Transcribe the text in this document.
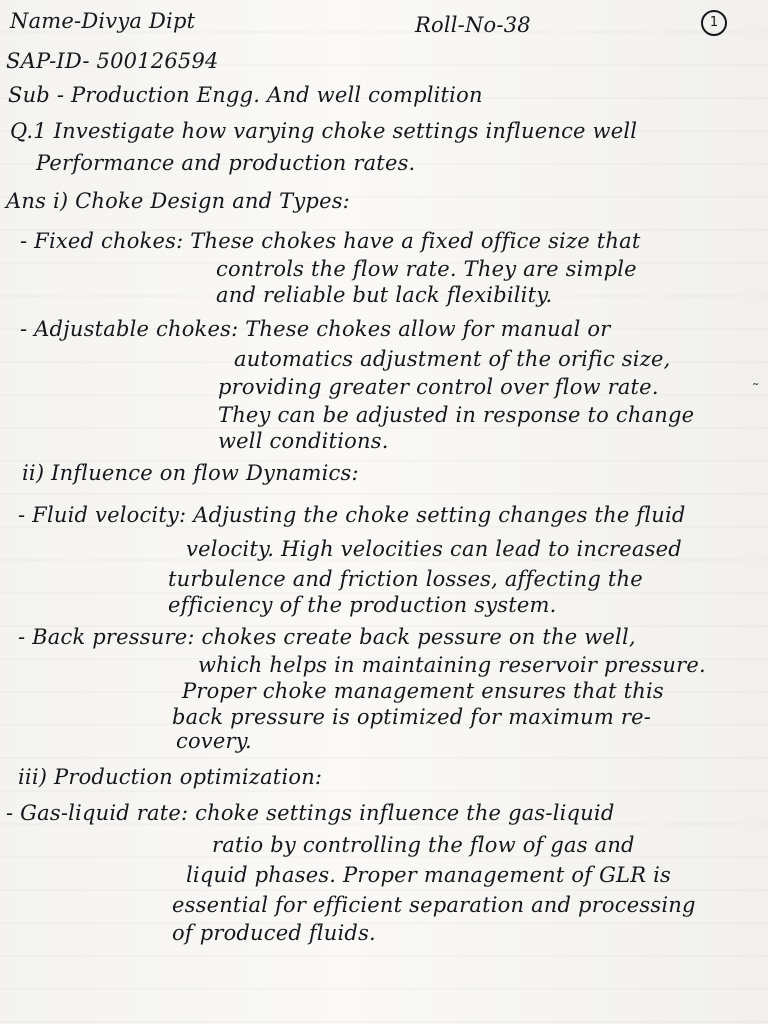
Name-Divya Dipt	Roll-No-38	1
SAP-ID- 500126594
Sub - Production Engg. And well complition
Q.1 Investigate how varying choke settings influence well
Performance and production rates.
Ans i) Choke Design and Types:
- Fixed chokes: These chokes have a fixed office size that
controls the flow rate. They are simple
and reliable but lack flexibility.
- Adjustable chokes: These chokes allow for manual or
automatics adjustment of the orific size,
providing greater control over flow rate.
They can be adjusted in response to change
well conditions.
˜
ii) Influence on flow Dynamics:
- Fluid velocity: Adjusting the choke setting changes the fluid
velocity. High velocities can lead to increased
turbulence and friction losses, affecting the
efficiency of the production system.
- Back pressure: chokes create back pessure on the well,
which helps in maintaining reservoir pressure.
Proper choke management ensures that this
back pressure is optimized for maximum re-
covery.
iii) Production optimization:
- Gas-liquid rate: choke settings influence the gas-liquid
ratio by controlling the flow of gas and
liquid phases. Proper management of GLR is
essential for efficient separation and processing
of produced fluids.
